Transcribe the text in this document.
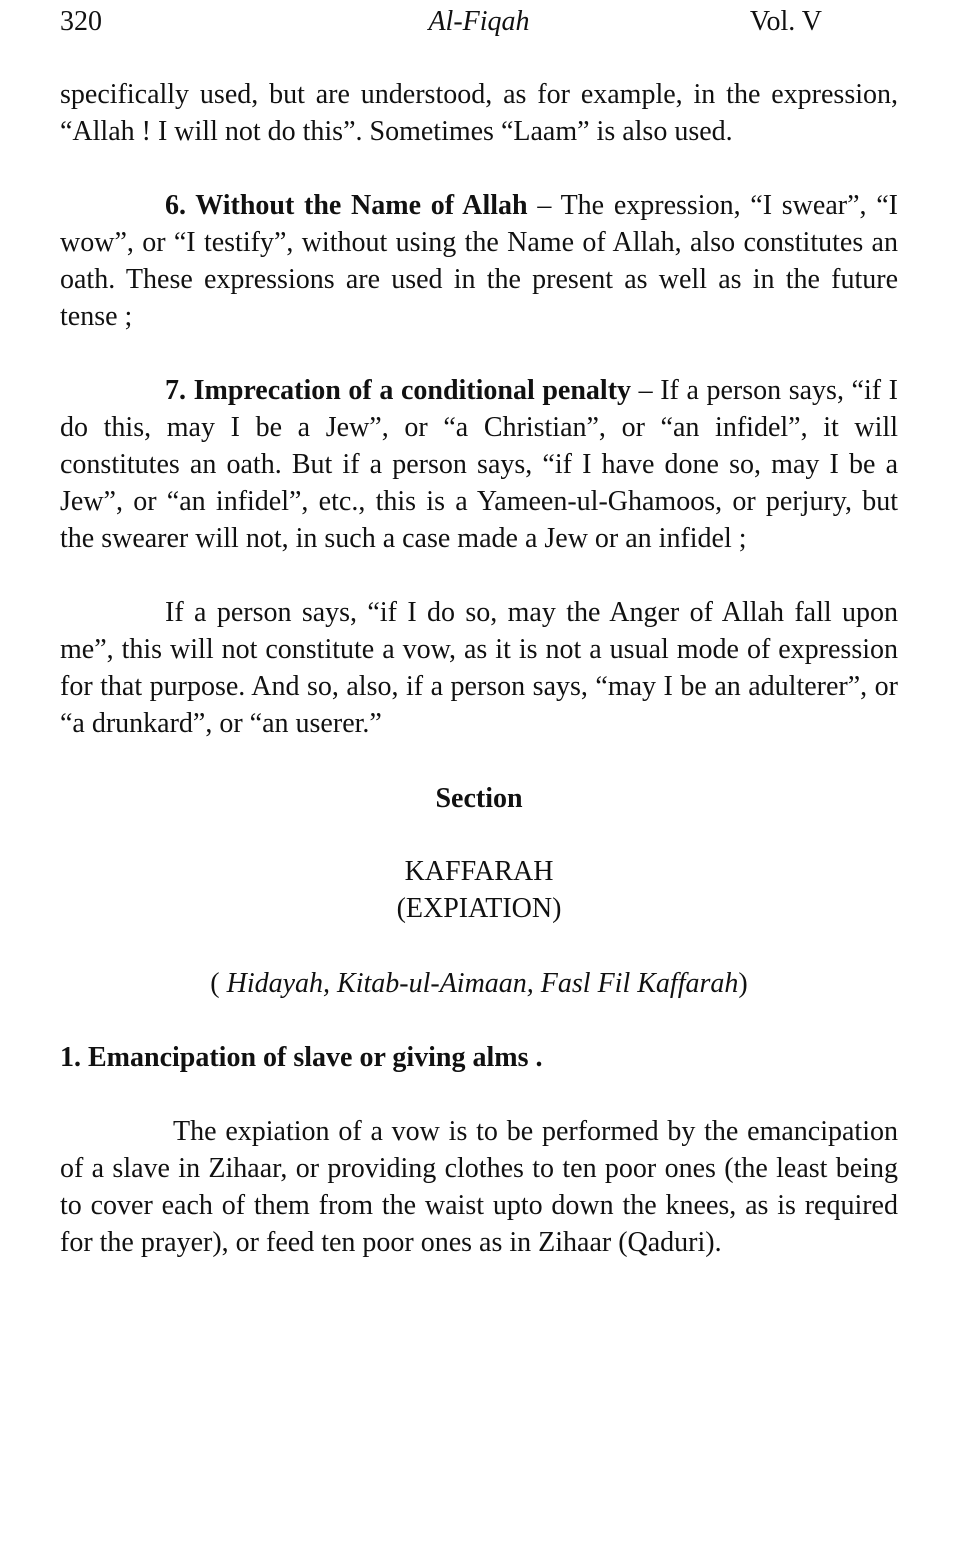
320	Al-Fiqah	Vol. V

specifically used, but are understood, as for example, in the expression, “Allah ! I will not do this”. Sometimes “Laam” is also used.

6. Without the Name of Allah – The expression, “I swear”, “I wow”, or “I testify”, without using the Name of Allah, also constitutes an oath. These expressions are used in the present as well as in the future tense ;

7. Imprecation of a conditional penalty – If a person says, “if I do this, may I be a Jew”, or “a Christian”, or “an infidel”, it will constitutes an oath. But if a person says, “if I have done so, may I be a Jew”, or “an infidel”, etc., this is a Yameen-ul-Ghamoos, or perjury, but the swearer will not, in such a case made a Jew or an infidel ;

If a person says, “if I do so, may the Anger of Allah fall upon me”, this will not constitute a vow, as it is not a usual mode of expression for that purpose. And so, also, if a person says, “may I be an adulterer”, or “a drunkard”, or “an userer.”

Section
KAFFARAH
(EXPIATION)
( Hidayah, Kitab-ul-Aimaan, Fasl Fil Kaffarah)
1. Emancipation of slave or giving alms .

The expiation of a vow is to be performed by the emancipation of a slave in Zihaar, or providing clothes to ten poor ones (the least being to cover each of them from the waist upto down the knees, as is required for the prayer), or feed ten poor ones as in Zihaar (Qaduri).
